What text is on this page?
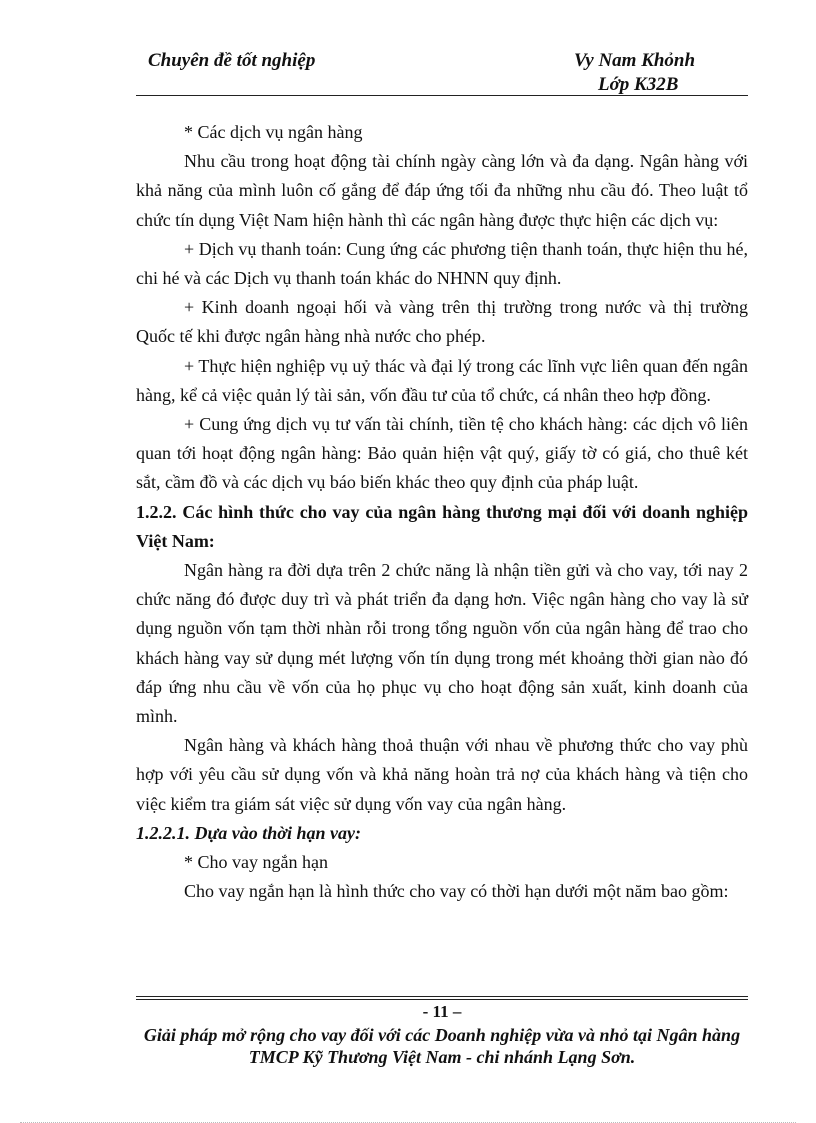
Chuyên đề tốt nghiệp	Vy Nam Khỏnh
Lớp K32B

* Các dịch vụ ngân hàng

Nhu cầu trong hoạt động tài chính ngày càng lớn và đa dạng. Ngân hàng với khả năng của mình luôn cố gắng để đáp ứng tối đa những nhu cầu đó. Theo luật tổ chức tín dụng Việt Nam hiện hành thì các ngân hàng được thực hiện các dịch vụ:

+ Dịch vụ thanh toán: Cung ứng các phương tiện thanh toán, thực hiện thu hé, chi hé và các Dịch vụ thanh toán khác do NHNN quy định.

+ Kinh doanh ngoại hối và vàng trên thị trường trong nước và thị trường Quốc tế khi được ngân hàng nhà nước cho phép.

+ Thực hiện nghiệp vụ uỷ thác và đại lý trong các lĩnh vực liên quan đến ngân hàng, kể cả việc quản lý tài sản, vốn đầu tư của tổ chức, cá nhân theo hợp đồng.

+ Cung ứng dịch vụ tư vấn tài chính, tiền tệ cho khách hàng: các dịch vô liên quan tới hoạt động ngân hàng: Bảo quản hiện vật quý, giấy tờ có giá, cho thuê két sắt, cầm đồ và các dịch vụ báo biến khác theo quy định của pháp luật.

1.2.2. Các hình thức cho vay của ngân hàng thương mại đối với doanh nghiệp Việt Nam:

Ngân hàng ra đời dựa trên 2 chức năng là nhận tiền gửi và cho vay, tới nay 2 chức năng đó được duy trì và phát triển đa dạng hơn. Việc ngân hàng cho vay là sử dụng nguồn vốn tạm thời nhàn rỗi trong tổng nguồn vốn của ngân hàng để trao cho khách hàng vay sử dụng mét lượng vốn tín dụng trong mét khoảng thời gian nào đó đáp ứng nhu cầu về vốn của họ phục vụ cho hoạt động sản xuất, kinh doanh của mình.

Ngân hàng và khách hàng thoả thuận với nhau về phương thức cho vay phù hợp với yêu cầu sử dụng vốn và khả năng hoàn trả nợ của khách hàng và tiện cho việc kiểm tra giám sát việc sử dụng vốn vay của ngân hàng.

1.2.2.1. Dựa vào thời hạn vay:

* Cho vay ngắn hạn

Cho vay ngắn hạn là hình thức cho vay có thời hạn dưới một năm bao gồm:

- 11 –
Giải pháp mở rộng cho vay đối với các Doanh nghiệp vừa và nhỏ tại Ngân hàng TMCP Kỹ Thương Việt Nam - chi nhánh Lạng Sơn.
